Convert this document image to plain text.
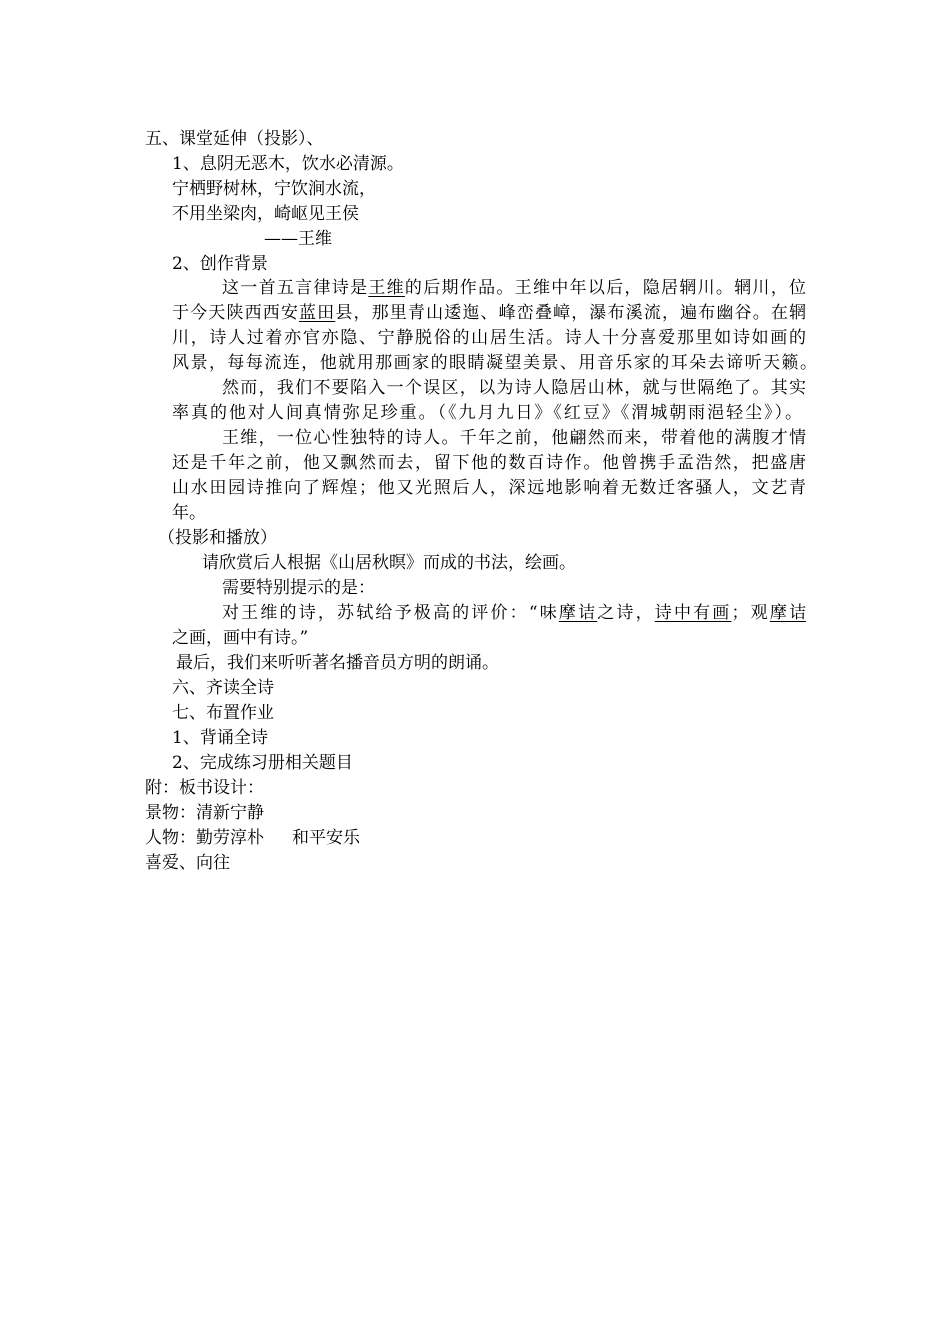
五、课堂延伸（投影）、
1、息阴无恶木，饮水必清源。
宁栖野树林，宁饮涧水流，
不用坐梁肉，崎岖见王侯
——王维
2、创作背景
这一首五言律诗是王维的后期作品。王维中年以后，隐居辋川。辋川，位
于今天陕西西安蓝田县，那里青山逶迤、峰峦叠嶂，瀑布溪流，遍布幽谷。在辋
川，诗人过着亦官亦隐、宁静脱俗的山居生活。诗人十分喜爱那里如诗如画的
风景，每每流连，他就用那画家的眼睛凝望美景、用音乐家的耳朵去谛听天籁。
然而，我们不要陷入一个误区，以为诗人隐居山林，就与世隔绝了。其实
率真的他对人间真情弥足珍重。（《九月九日》《红豆》《渭城朝雨浥轻尘》）。
王维，一位心性独特的诗人。千年之前，他翩然而来，带着他的满腹才情
还是千年之前，他又飘然而去，留下他的数百诗作。他曾携手孟浩然，把盛唐
山水田园诗推向了辉煌；他又光照后人，深远地影响着无数迁客骚人，文艺青
年。
（投影和播放）
请欣赏后人根据《山居秋暝》而成的书法，绘画。
需要特别提示的是：
对王维的诗，苏轼给予极高的评价：“味摩诘之诗，诗中有画；观摩诘
之画，画中有诗。”
最后，我们来听听著名播音员方明的朗诵。
六、齐读全诗
七、布置作业
1、背诵全诗
2、完成练习册相关题目
附：板书设计：
景物：清新宁静
人物：勤劳淳朴 和平安乐
喜爱、向往
